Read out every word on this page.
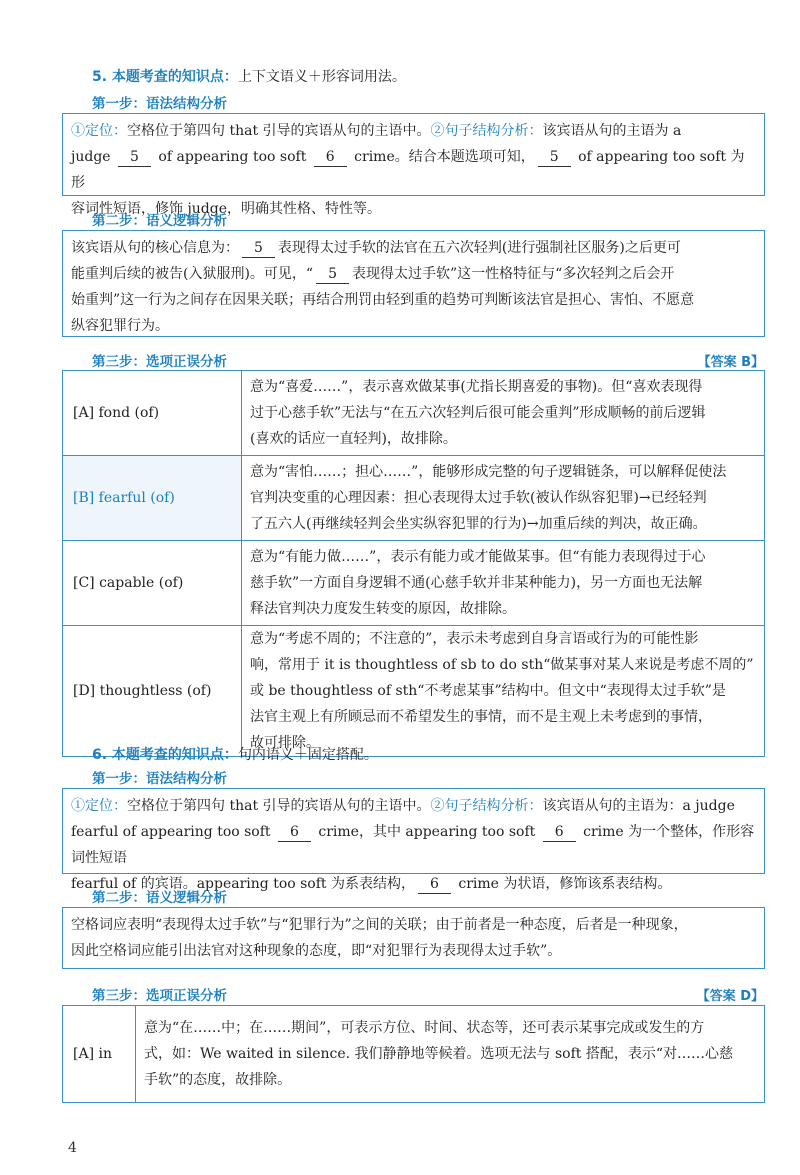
5. 本题考查的知识点：上下文语义＋形容词用法。
第一步：语法结构分析

①定位：空格位于第四句 that 引导的宾语从句的主语中。②句子结构分析：该宾语从句的主语为 a

judge 5 of appearing too soft 6 crime。结合本题选项可知， 5 of appearing too soft 为形

容词性短语，修饰 judge，明确其性格、特性等。

第二步：语义逻辑分析

该宾语从句的核心信息为： 5 表现得太过手软的法官在五六次轻判(进行强制社区服务)之后更可

能重判后续的被告(入狱服刑)。可见，“ 5 表现得太过手软”这一性格特征与“多次轻判之后会开

始重判”这一行为之间存在因果关联；再结合刑罚由轻到重的趋势可判断该法官是担心、害怕、不愿意

纵容犯罪行为。

第三步：选项正误分析	【答案 B】
[A] fond (of)	意为“喜爱……”，表示喜欢做某事(尤指长期喜爱的事物)。但“喜欢表现得
过于心慈手软”无法与“在五六次轻判后很可能会重判”形成顺畅的前后逻辑
(喜欢的话应一直轻判)，故排除。

[B] fearful (of)	意为“害怕……；担心……”，能够形成完整的句子逻辑链条，可以解释促使法
官判决变重的心理因素：担心表现得太过手软(被认作纵容犯罪)→已经轻判
了五六人(再继续轻判会坐实纵容犯罪的行为)→加重后续的判决，故正确。

[C] capable (of)	意为“有能力做……”，表示有能力或才能做某事。但“有能力表现得过于心
慈手软”一方面自身逻辑不通(心慈手软并非某种能力)，另一方面也无法解
释法官判决力度发生转变的原因，故排除。

[D] thoughtless (of)	意为“考虑不周的；不注意的”，表示未考虑到自身言语或行为的可能性影
响，常用于 it is thoughtless of sb to do sth“做某事对某人来说是考虑不周的”
或 be thoughtless of sth“不考虑某事”结构中。但文中“表现得太过手软”是
法官主观上有所顾忌而不希望发生的事情，而不是主观上未考虑到的事情，
故可排除。
6. 本题考查的知识点：句内语义＋固定搭配。
第一步：语法结构分析

①定位：空格位于第四句 that 引导的宾语从句的主语中。②句子结构分析：该宾语从句的主语为：a judge

fearful of appearing too soft 6 crime，其中 appearing too soft 6 crime 为一个整体，作形容词性短语

fearful of 的宾语。appearing too soft 为系表结构， 6 crime 为状语，修饰该系表结构。

第二步：语义逻辑分析

空格词应表明“表现得太过手软”与“犯罪行为”之间的关联；由于前者是一种态度，后者是一种现象，

因此空格词应能引出法官对这种现象的态度，即“对犯罪行为表现得太过手软”。

第三步：选项正误分析	【答案 D】
[A] in	
意为“在……中；在……期间”，可表示方位、时间、状态等，还可表示某事完成或发生的方
式，如：We waited in silence. 我们静静地等候着。选项无法与 soft 搭配，表示“对……心慈
手软”的态度，故排除。
4
